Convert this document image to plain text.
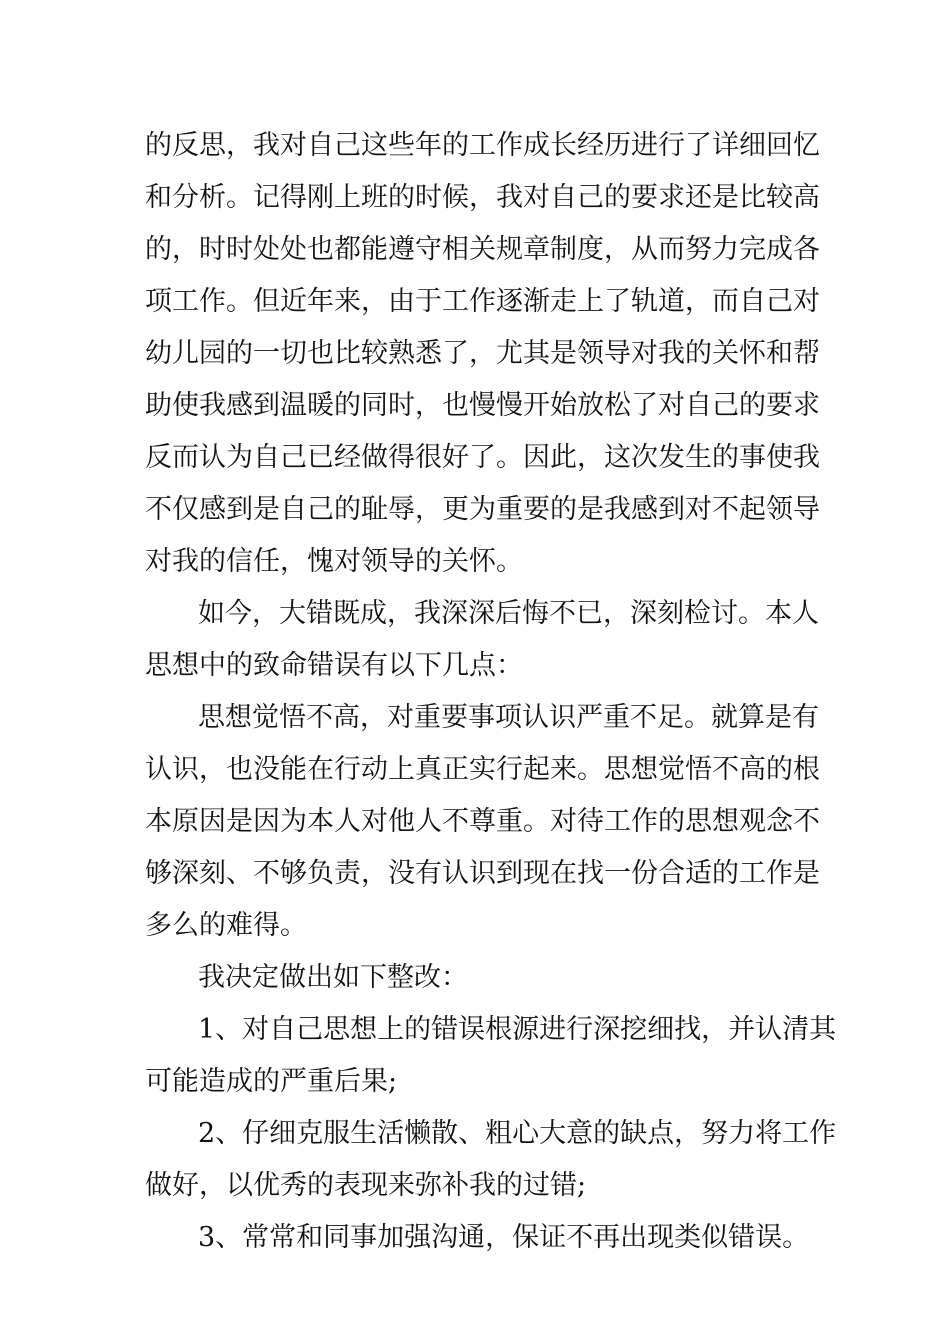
的反思，我对自己这些年的工作成长经历进行了详细回忆

和分析。记得刚上班的时候，我对自己的要求还是比较高

的，时时处处也都能遵守相关规章制度，从而努力完成各

项工作。但近年来，由于工作逐渐走上了轨道，而自己对

幼儿园的一切也比较熟悉了，尤其是领导对我的关怀和帮

助使我感到温暖的同时，也慢慢开始放松了对自己的要求

反而认为自己已经做得很好了。因此，这次发生的事使我

不仅感到是自己的耻辱，更为重要的是我感到对不起领导

对我的信任，愧对领导的关怀。

如今，大错既成，我深深后悔不已，深刻检讨。本人

思想中的致命错误有以下几点：

思想觉悟不高，对重要事项认识严重不足。就算是有

认识，也没能在行动上真正实行起来。思想觉悟不高的根

本原因是因为本人对他人不尊重。对待工作的思想观念不

够深刻、不够负责，没有认识到现在找一份合适的工作是

多么的难得。

我决定做出如下整改：

1、对自己思想上的错误根源进行深挖细找，并认清其

可能造成的严重后果;

2、仔细克服生活懒散、粗心大意的缺点，努力将工作

做好，以优秀的表现来弥补我的过错;

3、常常和同事加强沟通，保证不再出现类似错误。
